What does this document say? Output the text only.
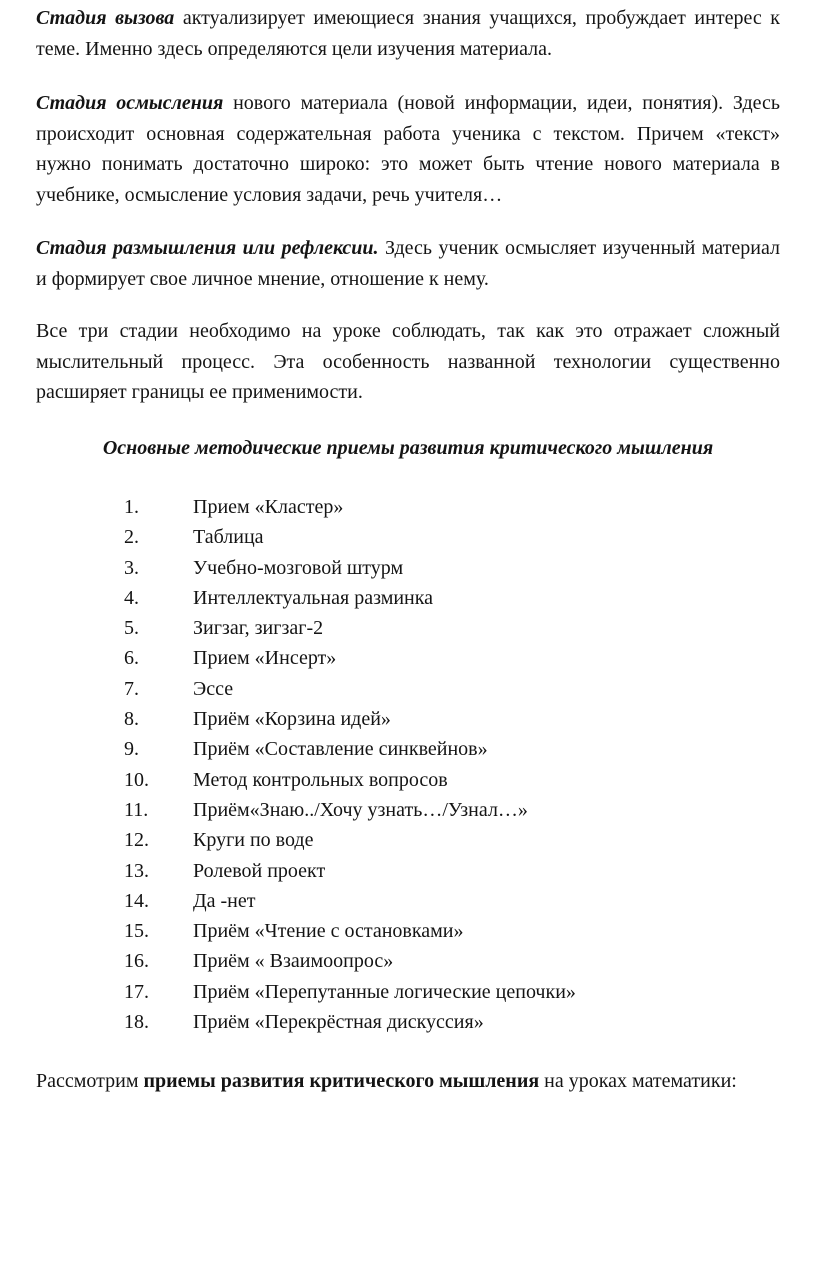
Стадия вызова актуализирует имеющиеся знания учащихся, пробуждает интерес к теме. Именно здесь определяются цели изучения материала.

Стадия осмысления нового материала (новой информации, идеи, понятия). Здесь происходит основная содержательная работа ученика с текстом. Причем «текст» нужно понимать достаточно широко: это может быть чтение нового материала в учебнике, осмысление условия задачи, речь учителя…

Стадия размышления или рефлексии. Здесь ученик осмысляет изученный материал и формирует свое личное мнение, отношение к нему.

Все три стадии необходимо на уроке соблюдать, так как это отражает сложный мыслительный процесс. Эта особенность названной технологии существенно расширяет границы ее применимости.

Основные методические приемы развития критического мышления

1.	Прием «Кластер»
2.	Таблица
3.	Учебно-мозговой штурм
4.	Интеллектуальная разминка
5.	Зигзаг, зигзаг-2
6.	Прием «Инсерт»
7.	Эссе
8.	Приём «Корзина идей»
9.	Приём «Составление синквейнов»
10. Метод контрольных вопросов
11. Приём«Знаю../Хочу узнать…/Узнал…»
12. Круги по воде
13. Ролевой проект
14. Да -нет
15. Приём «Чтение с остановками»
16. Приём « Взаимоопрос»
17. Приём «Перепутанные логические цепочки»
18. Приём «Перекрёстная дискуссия»

Рассмотрим приемы развития критического мышления на уроках математики:
